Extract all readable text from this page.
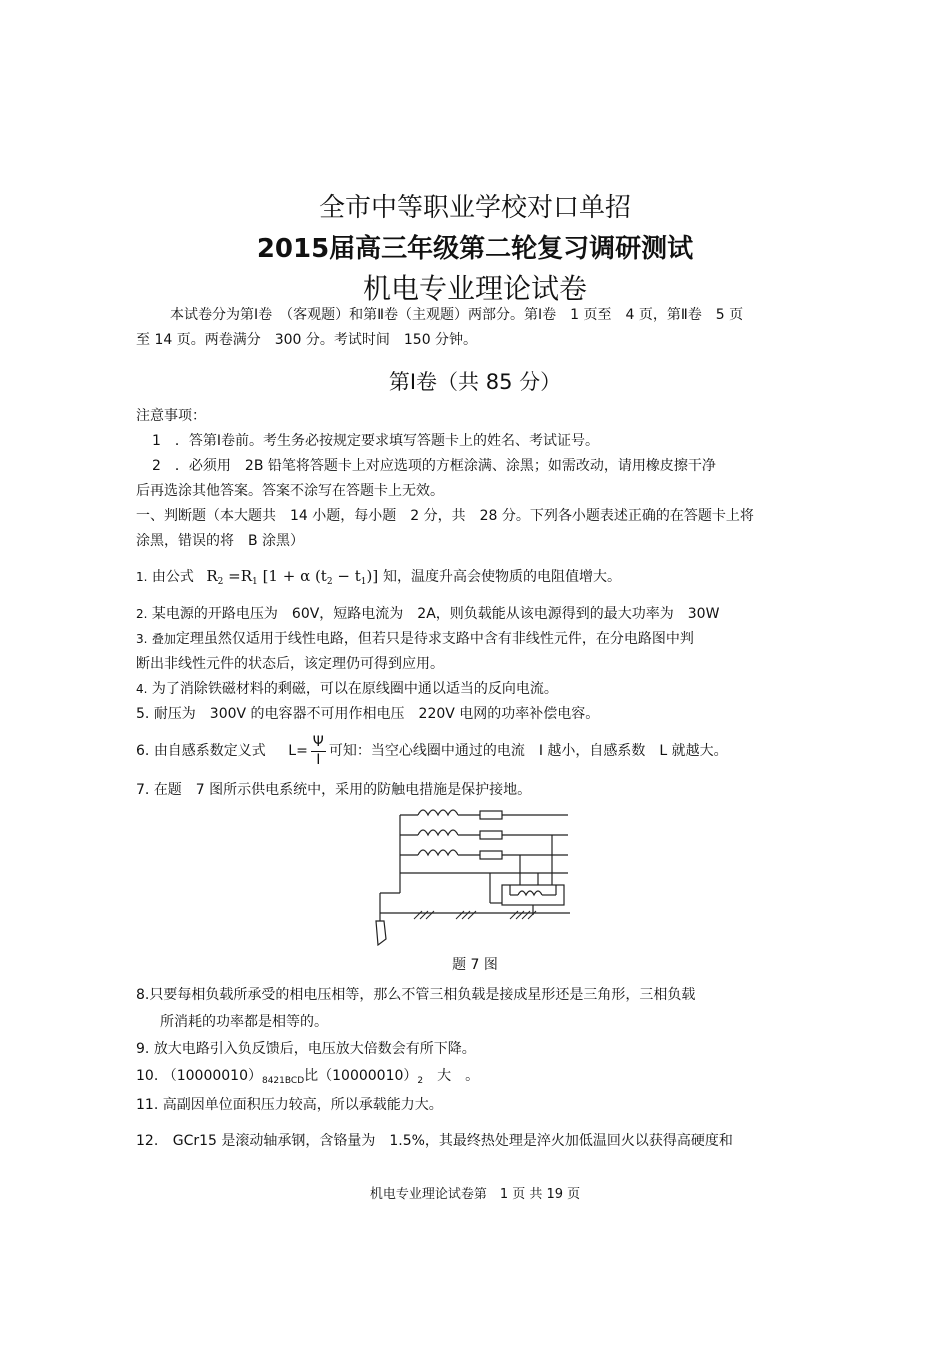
全市中等职业学校对口单招
2015届高三年级第二轮复习调研测试
机电专业理论试卷
本试卷分为第Ⅰ卷　（客观题）和第Ⅱ卷（主观题）两部分。第Ⅰ卷　1 页至　4 页，第Ⅱ卷　5 页
至 14 页。两卷满分　300 分。考试时间　150 分钟。
第Ⅰ卷（共 85 分）
注意事项：
1　．答第Ⅰ卷前。考生务必按规定要求填写答题卡上的姓名、考试证号。
2　．必须用　2B 铅笔将答题卡上对应选项的方框涂满、涂黑；如需改动，请用橡皮擦干净
后再选涂其他答案。答案不涂写在答题卡上无效。
一、判断题（本大题共　14 小题，每小题　2 分，共　28 分。下列各小题表述正确的在答题卡上将
涂黑，错误的将　B 涂黑）
1. 由公式 $R_2 =R_1$ [1 + α $(t_2 - t_1)$] 知，温度升高会使物质的电阻值增大。
2. 某电源的开路电压为　60V，短路电流为　2A，则负载能从该电源得到的最大功率为　30W
3. 叠加定理虽然仅适用于线性电路，但若只是待求支路中含有非线性元件，在分电路图中判
断出非线性元件的状态后，该定理仍可得到应用。
4. 为了消除铁磁材料的剩磁，可以在原线圈中通以适当的反向电流。
5. 耐压为　300V 的电容器不可用作相电压　220V 电网的功率补偿电容。
6. 由自感系数定义式 $L= \frac{\Psi}{I}$ 可知：当空心线圈中通过的电流　I 越小，自感系数　L 就越大。
7. 在题　7 图所示供电系统中，采用的防触电措施是保护接地。
题 7 图
8.只要每相负载所承受的相电压相等，那么不管三相负载是接成星形还是三角形，三相负载
所消耗的功率都是相等的。
9. 放大电路引入负反馈后，电压放大倍数会有所下降。
10. $(10000010)_{8421BCD}$比$(10000010)_2$　大　。
11. 高副因单位面积压力较高，所以承载能力大。
12. GCr15 是滚动轴承钢，含铬量为　1.5%，其最终热处理是淬火加低温回火以获得高硬度和
机电专业理论试卷第　1 页 共 19 页
